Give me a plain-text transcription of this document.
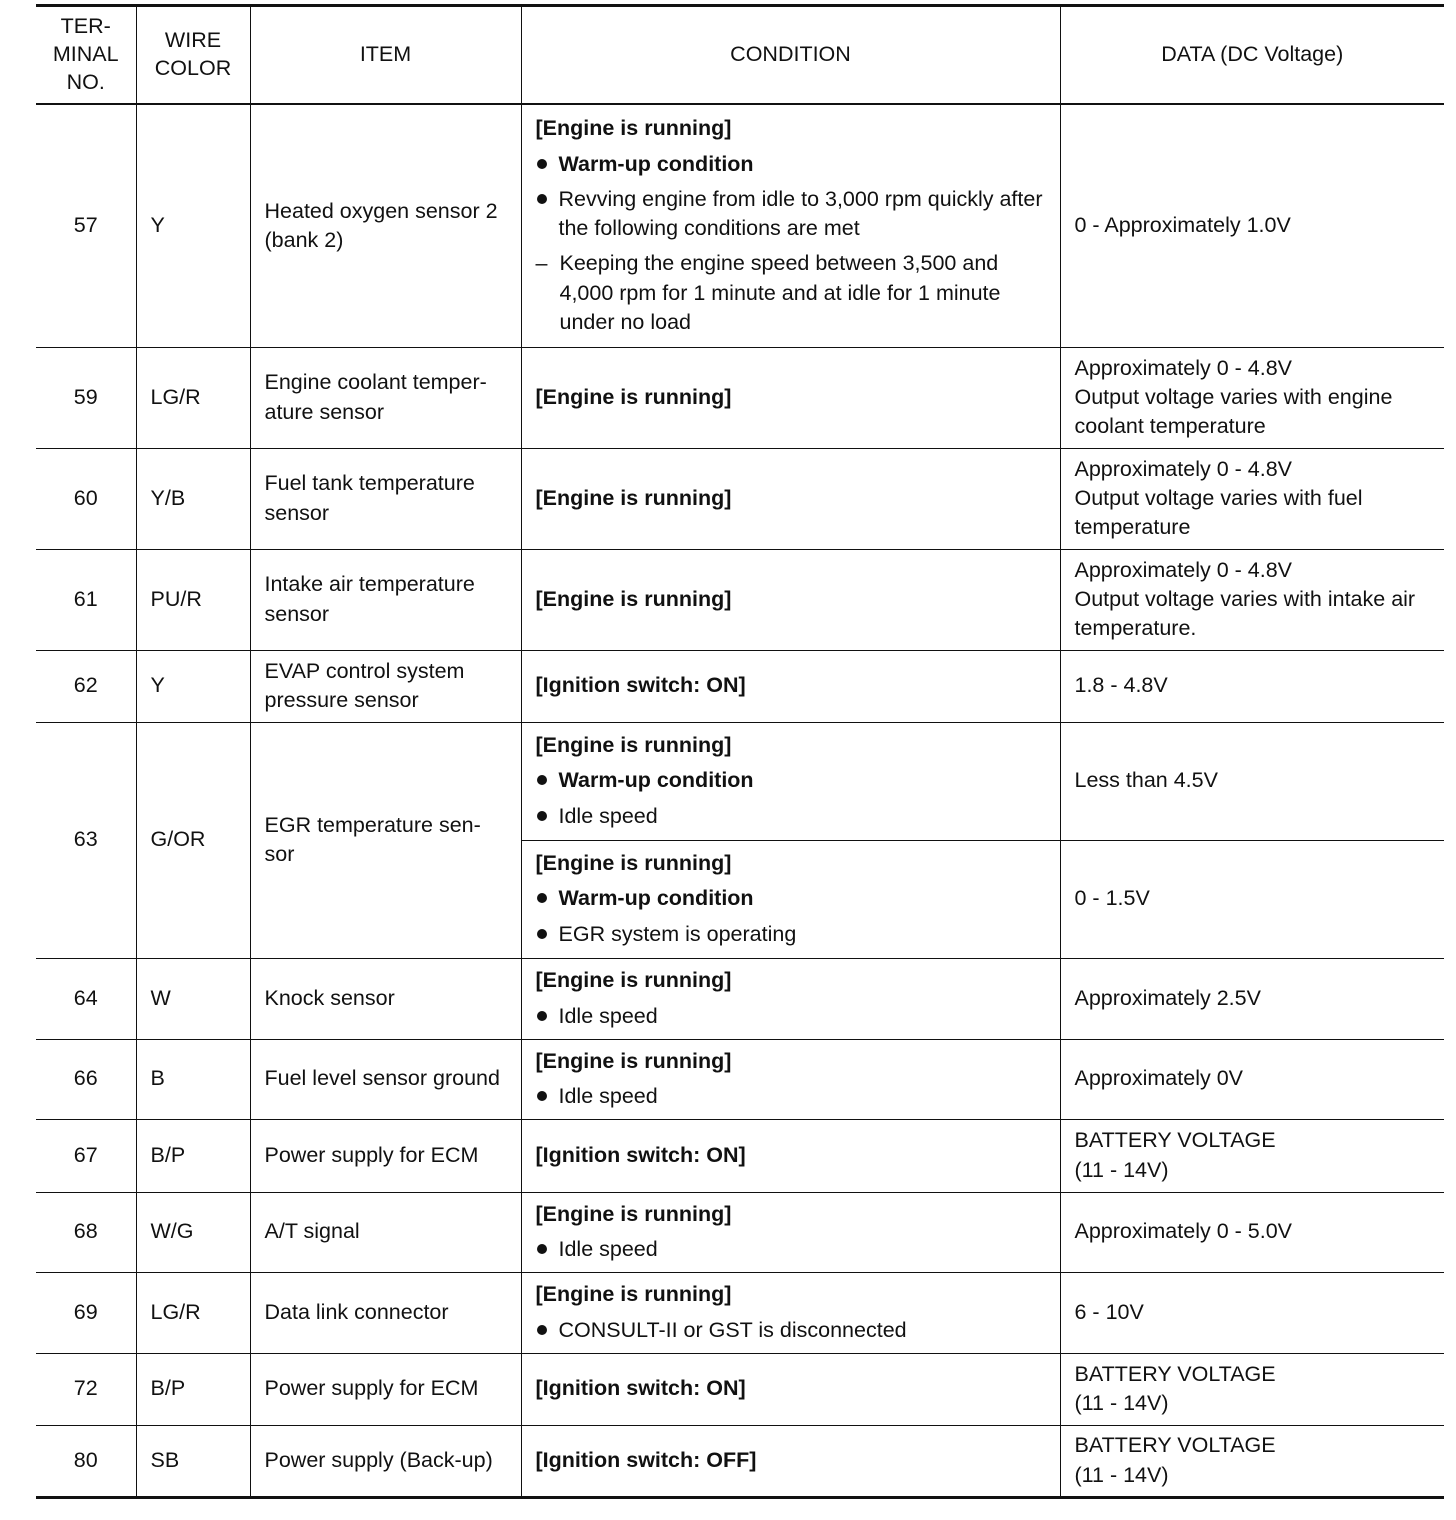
TER-
MINAL
NO.	WIRE
COLOR	ITEM	CONDITION	DATA (DC Voltage)
57	Y	Heated oxygen sensor 2 (bank 2)	[Engine is running]
Warm-up condition
Revving engine from idle to 3,000 rpm quickly after the following conditions are met
– Keeping the engine speed between 3,500 and 4,000 rpm for 1 minute and at idle for 1 minute under no load	0 - Approximately 1.0V
59	LG/R	Engine coolant temper-ature sensor	[Engine is running]	Approximately 0 - 4.8V
Output voltage varies with engine coolant temperature

60	Y/B	Fuel tank temperature sensor	[Engine is running]	Approximately 0 - 4.8V
Output voltage varies with fuel temperature

61	PU/R	Intake air temperature sensor	[Engine is running]	Approximately 0 - 4.8V
Output voltage varies with intake air temperature.

62	Y	EVAP control system pressure sensor	[Ignition switch: ON]	1.8 - 4.8V
63	G/OR	EGR temperature sen-sor	[Engine is running]
Warm-up condition
Idle speed	Less than 4.5V

			[Engine is running]
Warm-up condition
EGR system is operating	0 - 1.5V
64	W	Knock sensor	[Engine is running]
Idle speed	Approximately 2.5V
66	B	Fuel level sensor ground	[Engine is running]
Idle speed	Approximately 0V
67	B/P	Power supply for ECM	[Ignition switch: ON]	BATTERY VOLTAGE
(11 - 14V)

68	W/G	A/T signal	[Engine is running]
Idle speed	Approximately 0 - 5.0V
69	LG/R	Data link connector	[Engine is running]
CONSULT-II or GST is disconnected	6 - 10V
72	B/P	Power supply for ECM	[Ignition switch: ON]	BATTERY VOLTAGE
(11 - 14V)

80	SB	Power supply (Back-up)	[Ignition switch: OFF]	BATTERY VOLTAGE
(11 - 14V)
